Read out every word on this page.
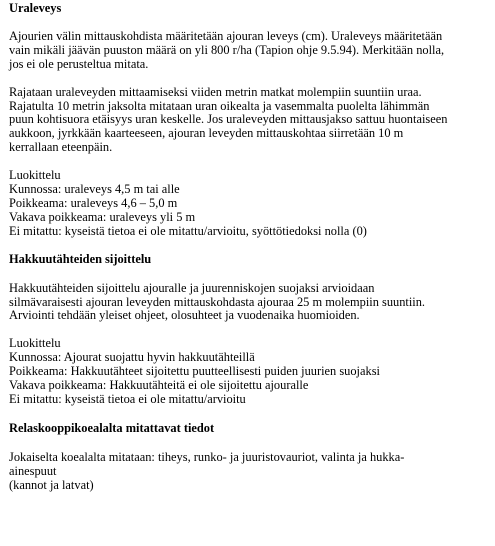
Uraleveys

Ajourien välin mittauskohdista määritetään ajouran leveys (cm). Uraleveys määritetään
vain mikäli jäävän puuston määrä on yli 800 r/ha (Tapion ohje 9.5.94). Merkitään nolla,
jos ei ole perusteltua mitata.

Rajataan uraleveyden mittaamiseksi viiden metrin matkat molempiin suuntiin uraa.
Rajatulta 10 metrin jaksolta mitataan uran oikealta ja vasemmalta puolelta lähimmän
puun kohtisuora etäisyys uran keskelle. Jos uraleveyden mittausjakso sattuu huontaiseen
aukkoon, jyrkkään kaarteeseen, ajouran leveyden mittauskohtaa siirretään 10 m
kerrallaan eteenpäin.

Luokittelu
Kunnossa: uraleveys 4,5 m tai alle
Poikkeama: uraleveys 4,6 – 5,0 m
Vakava poikkeama: uraleveys yli 5 m
Ei mitattu: kyseistä tietoa ei ole mitattu/arvioitu, syöttötiedoksi nolla (0)

Hakkuutähteiden sijoittelu

Hakkuutähteiden sijoittelu ajouralle ja juurenniskojen suojaksi arvioidaan
silmävaraisesti ajouran leveyden mittauskohdasta ajouraa 25 m molempiin suuntiin.
Arviointi tehdään yleiset ohjeet, olosuhteet ja vuodenaika huomioiden.

Luokittelu
Kunnossa: Ajourat suojattu hyvin hakkuutähteillä
Poikkeama: Hakkuutähteet sijoitettu puutteellisesti puiden juurien suojaksi
Vakava poikkeama: Hakkuutähteitä ei ole sijoitettu ajouralle
Ei mitattu: kyseistä tietoa ei ole mitattu/arvioitu

Relaskooppikoealalta mitattavat tiedot

Jokaiselta koealalta mitataan: tiheys, runko- ja juuristovauriot, valinta ja hukka-
ainespuut
(kannot ja latvat)
